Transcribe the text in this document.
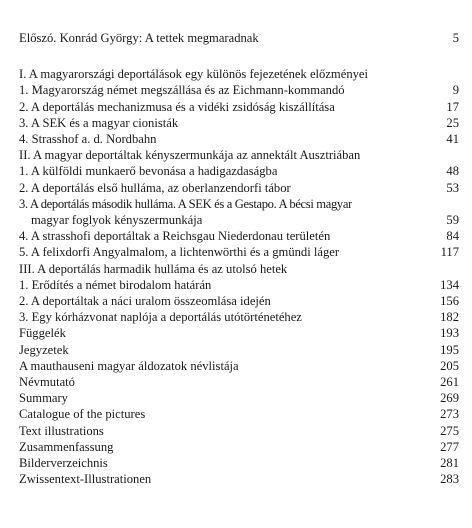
Előszó. Konrád György: A tettek megmaradnak	5
I. A magyarországi deportálások egy különös fejezetének előzményei
1. Magyarország német megszállása és az Eichmann-kommandó	9
2. A deportálás mechanizmusa és a vidéki zsidóság kiszállítása	17
3. A SEK és a magyar cionisták	25
4. Strasshof a. d. Nordbahn	41
II. A magyar deportáltak kényszermunkája az annektált Ausztriában
1. A külföldi munkaerő bevonása a hadigazdaságba	48
2. A deportálás első hulláma, az oberlanzendorfi tábor	53
3. A deportálás második hulláma. A SEK és a Gestapo. A bécsi magyar
magyar foglyok kényszermunkája	59
4. A strasshofi deportáltak a Reichsgau Niederdonau területén	84
5. A felixdorfi Angyalmalom, a lichtenwörthi és a gmündi láger	117
III. A deportálás harmadik hulláma és az utolsó hetek
1. Erődítés a német birodalom határán	134
2. A deportáltak a náci uralom összeomlása idején	156
3. Egy kórházvonat naplója a deportálás utótörténetéhez	182
Függelék	193
Jegyzetek	195
A mauthauseni magyar áldozatok névlistája	205
Névmutató	261
Summary	269
Catalogue of the pictures	273
Text illustrations	275
Zusammenfassung	277
Bilderverzeichnis	281
Zwissentext-Illustrationen	283
